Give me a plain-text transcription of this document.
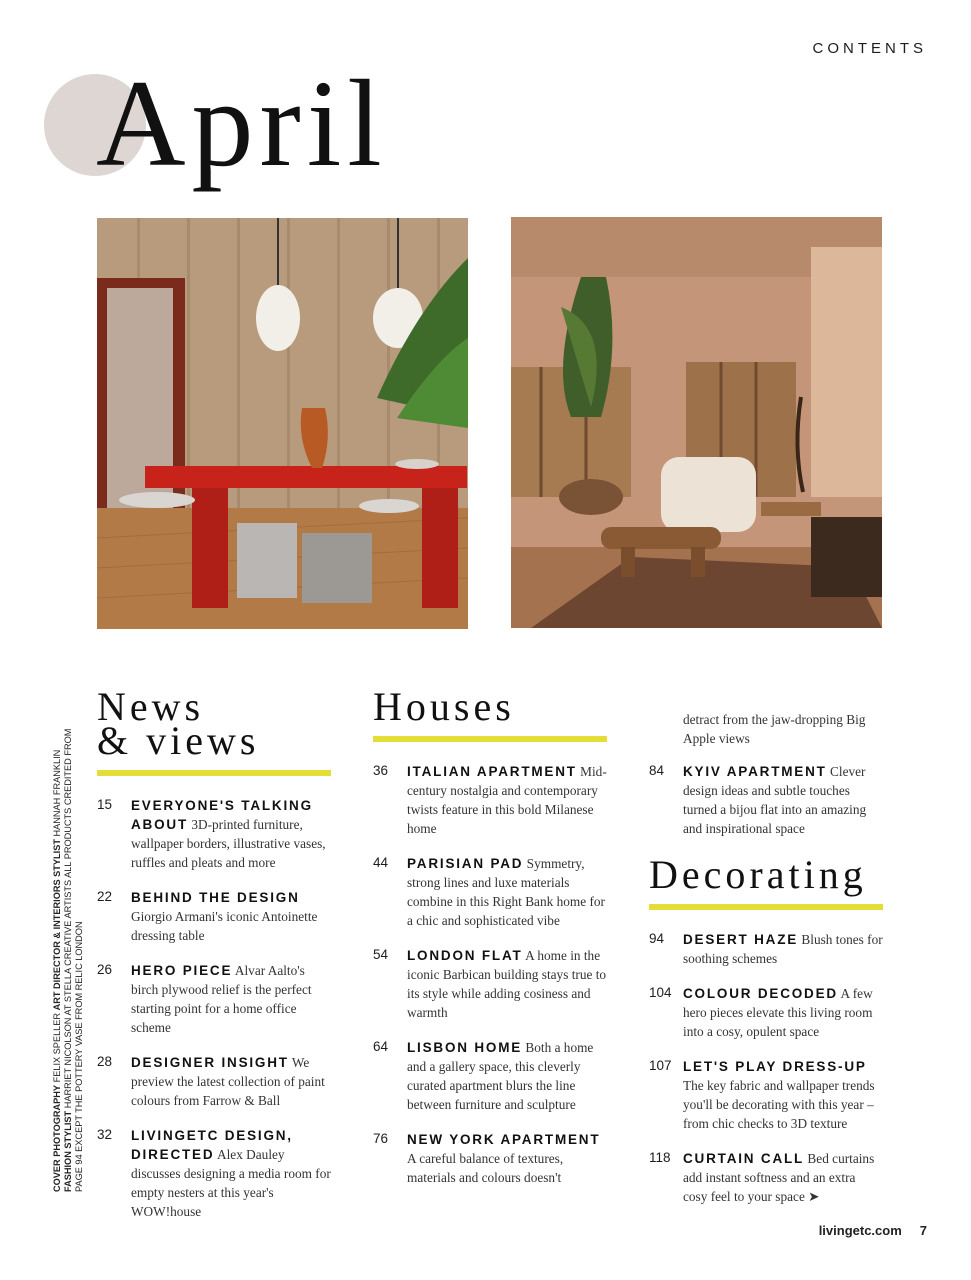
CONTENTS
April
COVER PHOTOGRAPHY FELIX SPELLER ART DIRECTOR & INTERIORS STYLIST HANNAH FRANKLIN
FASHION STYLIST HARRIET NICOLSON AT STELLA CREATIVE ARTISTS ALL PRODUCTS CREDITED FROM PAGE 94 EXCEPT THE POTTERY VASE FROM RELIC LONDON
News
& views
15	EVERYONE'S TALKING ABOUT 3D-printed furniture, wallpaper borders, illustrative vases, ruffles and pleats and more
22	BEHIND THE DESIGN Giorgio Armani's iconic Antoinette dressing table
26	HERO PIECE Alvar Aalto's birch plywood relief is the perfect starting point for a home office scheme
28	DESIGNER INSIGHT We preview the latest collection of paint colours from Farrow & Ball
32	LIVINGETC DESIGN, DIRECTED Alex Dauley discusses designing a media room for empty nesters at this year's WOW!house
Houses
36	ITALIAN APARTMENT Mid-century nostalgia and contemporary twists feature in this bold Milanese home
44	PARISIAN PAD Symmetry, strong lines and luxe materials combine in this Right Bank home for a chic and sophisticated vibe
54	LONDON FLAT A home in the iconic Barbican building stays true to its style while adding cosiness and warmth
64	LISBON HOME Both a home and a gallery space, this cleverly curated apartment blurs the line between furniture and sculpture
76	NEW YORK APARTMENT A careful balance of textures, materials and colours doesn't
detract from the jaw-dropping Big Apple views
84	KYIV APARTMENT Clever design ideas and subtle touches turned a bijou flat into an amazing and inspirational space
Decorating
94	DESERT HAZE Blush tones for soothing schemes
104 COLOUR DECODED A few hero pieces elevate this living room into a cosy, opulent space
107 LET'S PLAY DRESS-UP The key fabric and wallpaper trends you'll be decorating with this year – from chic checks to 3D texture
118 CURTAIN CALL Bed curtains add instant softness and an extra cosy feel to your space ➤
livingetc.com 7
